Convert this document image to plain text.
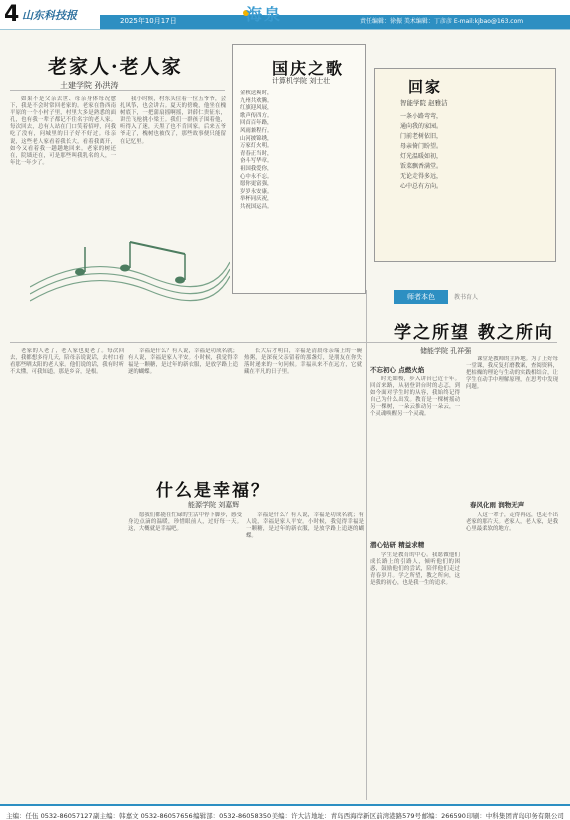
4 山东科技报	2025年10月17日	海泉	责任编辑：徐振 美术编辑：丁彦彦 E-mail:kjbao@163.com
老家人·老人家
土建学院 孙洪涛
如果不是父亲去世、母亲身体每况愈下，我是不会时常回老家的。老家在鲁西南平原的一个小村子里，村里大多是熟悉的面孔，也有我一辈子都记不住名字的老人家。每次回去，总有人站在门口笑着招呼，问我吃了没有，问城里的日子好不好过。母亲说，这些老人家看着我长大，看着我离开，如今又看着我一趟趟地回来。老家的树还在，院墙还在，可是那些叫我乳名的人，一年比一年少了。
我小时候，村东头住着一位五爷爷，会扎风筝，也会讲古。夏天的傍晚，他坐在槐树底下，一把蒲扇摇啊摇，讲薛仁贵征东，讲岳飞枪挑小梁王。我们一群孩子围着他，听得入了迷，天黑了也不肯回家。后来五爷爷走了，槐树也被伐了，那些故事便只能留在记忆里。
国庆之歌
计算机学院 刘士壮
金秋送爽时，
九州共欢腾。
红旗迎风展，
歌声传四方。
回首百年路，
风雨兼程行。
山河披锦绣，
万家灯火明。
青春正当时，
奋斗写华章。
祖国我爱你，
心中永不忘。
愿你更富强，
岁岁永安康。
举杯同庆祝，
共祝国运昌。
回家
智能学院 赵雅洁
一条小路弯弯，
通向我的家园。
门前老树依旧，
母亲倚门盼望。
灯光温暖如初，
饭菜飘香满堂。
无论走得多远，
心中总有方向。
师者本色	教书育人
学之所望 教之所向
储能学院 孔祥强
不忘初心 点燃火焰
时光如梭，步入讲台已近十年。回首来路，从初登讲台时的忐忑，到如今面对学生时的从容，我始终记得自己为什么出发。教育是一棵树摇动另一棵树，一朵云推动另一朵云，一个灵魂唤醒另一个灵魂。
课堂是教师的主阵地。为了上好每一堂课，我反复打磨教案，查阅资料，把枯燥的理论与生动的实践相结合，让学生在动手中理解原理，在思考中发现问题。
潜心钻研 精益求精
学生是教育的中心。我愿做他们成长路上的引路人，倾听他们的困惑，鼓励他们的尝试，陪伴他们走过青春岁月。学之所望，教之所向，这是我的初心，也是我一生的追求。
春风化雨 润物无声
人这一辈子，走得再远，也走不出老家的那片天。老家人，老人家，是我心里最柔软的地方。
老家的人老了，老人家也更老了。每次回去，我都想多待几天，陪母亲说说话，去村口看看那些晒太阳的老人家。他们说的话，我有时听不太懂，可我知道，那是乡音，是根。
什么是幸福？
能源学院 刘嘉辉
幸福是什么？有人说，幸福是功成名就；有人说，幸福是家人平安。小时候，我觉得幸福是一颗糖，是过年的新衣服，是放学路上追逐的蝴蝶。
长大后才明白，幸福是清晨母亲端上的一碗热粥，是深夜父亲留着的那盏灯，是朋友在你失落时递来的一句问候。幸福从来不在远方，它就藏在平凡的日子里。
愿我们都能在忙碌的生活中停下脚步，感受身边点滴的温暖，珍惜眼前人，过好每一天。这，大概就是幸福吧。
幸福是什么？有人说，幸福是功成名就；有人说，幸福是家人平安。小时候，我觉得幸福是一颗糖，是过年的新衣服，是放学路上追逐的蝴蝶。
主编：任伍 0532-86057127 副主编：韩嘉文 0532-86057656 编辑部：0532-86058350 美编：许大洁 地址：青岛西海岸新区前湾港路579号 邮编：266590 印刷：中科集团青岛印务有限公司
